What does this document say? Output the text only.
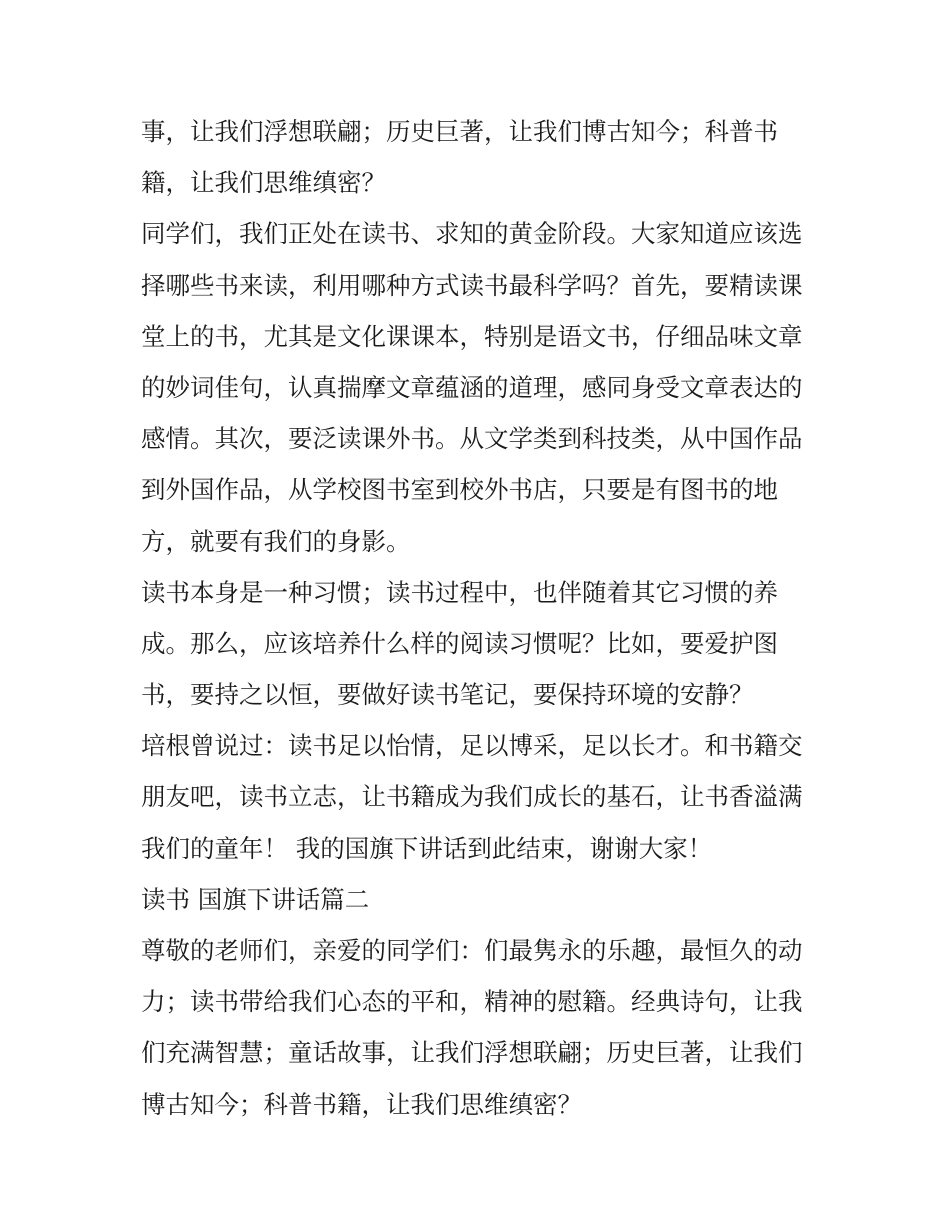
事，让我们浮想联翩；历史巨著，让我们博古知今；科普书
籍，让我们思维缜密？
同学们，我们正处在读书、求知的黄金阶段。大家知道应该选
择哪些书来读，利用哪种方式读书最科学吗？首先，要精读课
堂上的书，尤其是文化课课本，特别是语文书，仔细品味文章
的妙词佳句，认真揣摩文章蕴涵的道理，感同身受文章表达的
感情。其次，要泛读课外书。从文学类到科技类，从中国作品
到外国作品，从学校图书室到校外书店，只要是有图书的地
方，就要有我们的身影。
读书本身是一种习惯；读书过程中，也伴随着其它习惯的养
成。那么，应该培养什么样的阅读习惯呢？比如，要爱护图
书，要持之以恒，要做好读书笔记，要保持环境的安静？
培根曾说过：读书足以怡情，足以博采，足以长才。和书籍交
朋友吧，读书立志，让书籍成为我们成长的基石，让书香溢满
我们的童年！ 我的国旗下讲话到此结束，谢谢大家！
读书 国旗下讲话篇二
尊敬的老师们，亲爱的同学们：们最隽永的乐趣，最恒久的动
力；读书带给我们心态的平和，精神的慰籍。经典诗句，让我
们充满智慧；童话故事，让我们浮想联翩；历史巨著，让我们
博古知今；科普书籍，让我们思维缜密？
